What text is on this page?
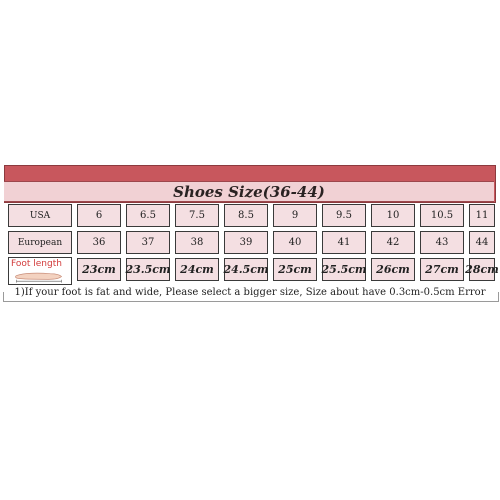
Shoes Size(36-44)
USA	6	6.5	7.5	8.5	9	9.5	10	10.5	11
European	36	37	38	39	40	41	42	43	44
Foot length	23cm 23.5cm 24cm 24.5cm 25cm 25.5cm 26cm	27cm 28cm
1)If your foot is fat and wide, Please select a bigger size, Size about have 0.3cm-0.5cm Error
